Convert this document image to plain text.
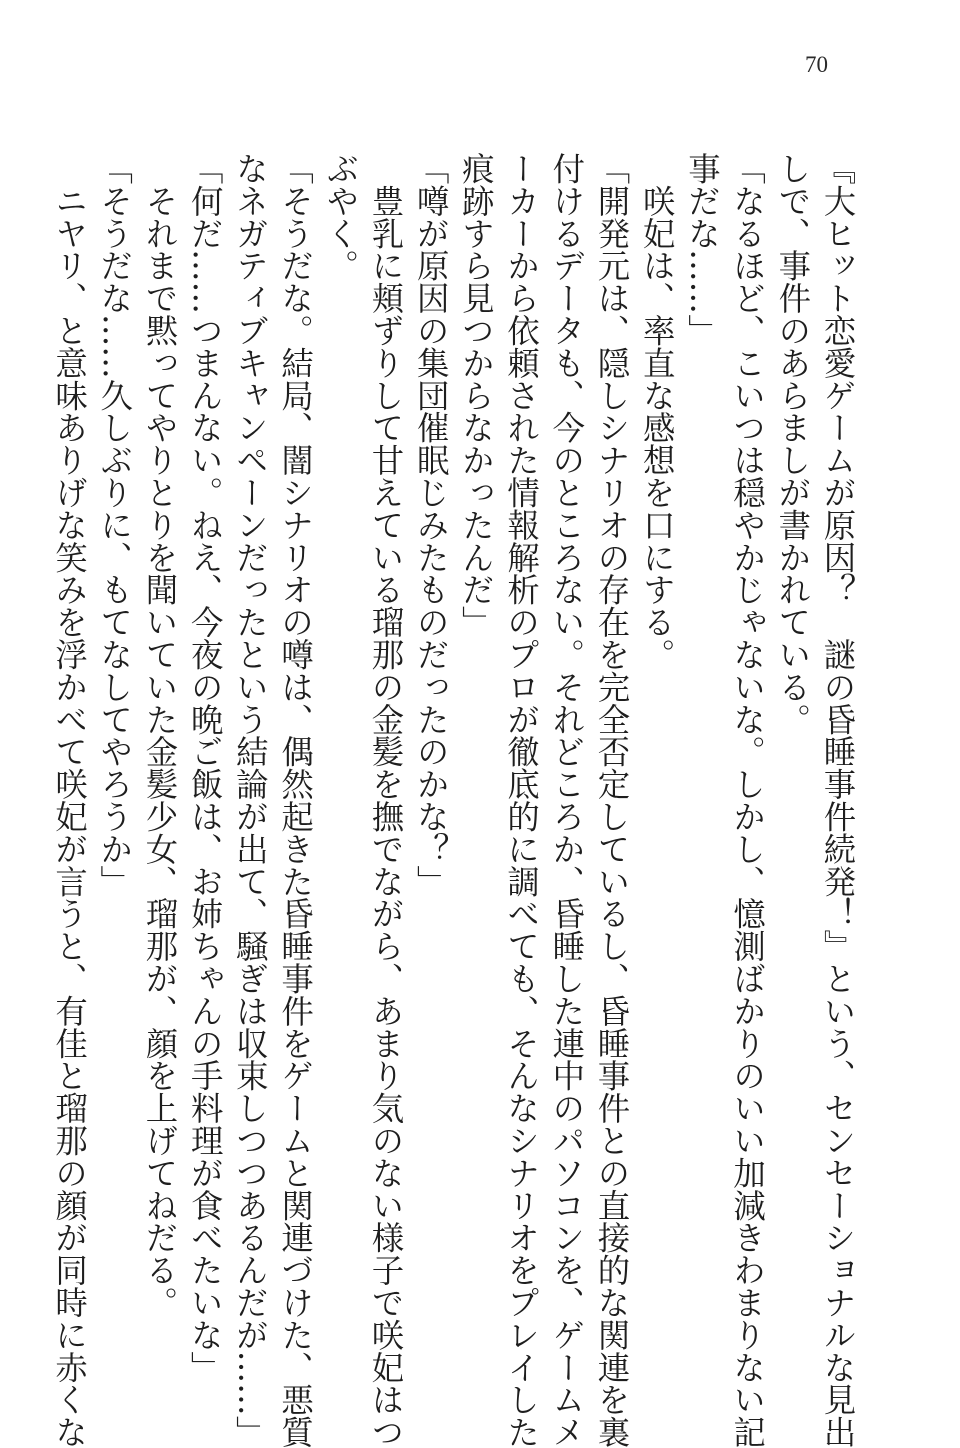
70
『大ヒット恋愛ゲームが原因？　謎の昏睡事件続発！』という、センセーショナルな見出
しで、事件のあらましが書かれている。
「なるほど、こいつは穏やかじゃないな。しかし、憶測ばかりのいい加減きわまりない記
事だな……」
　咲妃は、率直な感想を口にする。
「開発元は、隠しシナリオの存在を完全否定しているし、昏睡事件との直接的な関連を裏
付けるデータも、今のところない。それどころか、昏睡した連中のパソコンを、ゲームメ
ーカーから依頼された情報解析のプロが徹底的に調べても、そんなシナリオをプレイした
痕跡すら見つからなかったんだ」
「噂が原因の集団催眠じみたものだったのかな？」
　豊乳に頬ずりして甘えている瑠那の金髪を撫でながら、あまり気のない様子で咲妃はつ
ぶやく。
「そうだな。結局、闇シナリオの噂は、偶然起きた昏睡事件をゲームと関連づけた、悪質
なネガティブキャンペーンだったという結論が出て、騒ぎは収束しつつあるんだが……」
「何だ……つまんない。ねえ、今夜の晩ご飯は、お姉ちゃんの手料理が食べたいな」
　それまで黙ってやりとりを聞いていた金髪少女、瑠那が、顔を上げてねだる。
「そうだな……久しぶりに、もてなしてやろうか」
　ニヤリ、と意味ありげな笑みを浮かべて咲妃が言うと、有佳と瑠那の顔が同時に赤くな
